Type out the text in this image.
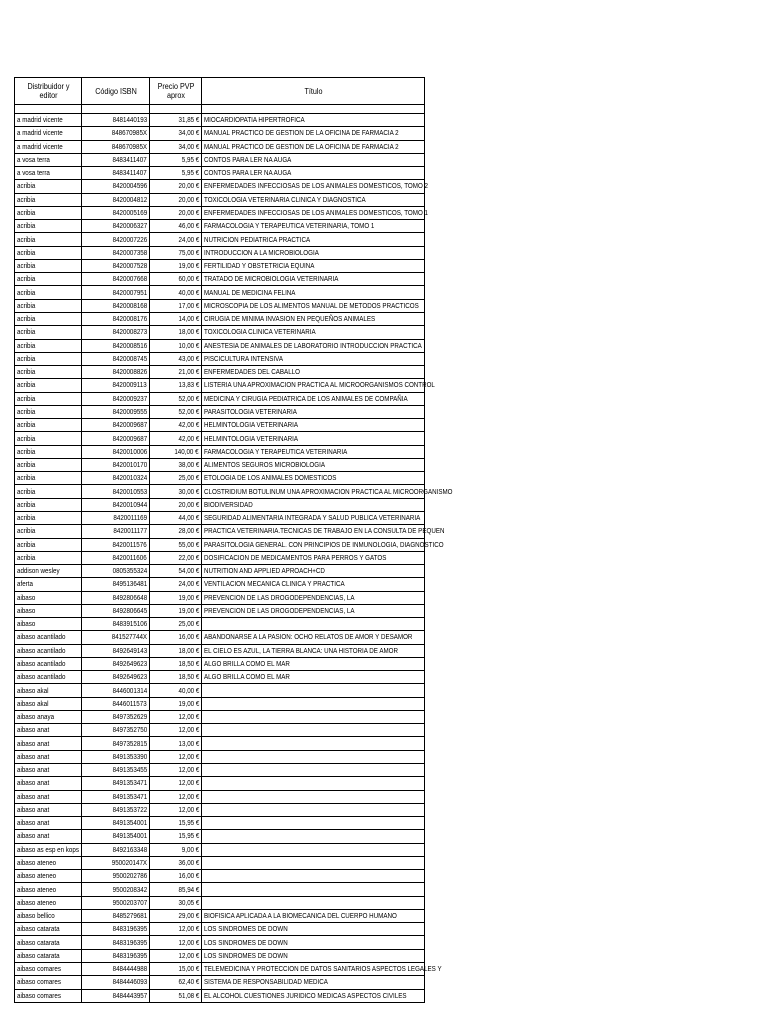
Distribuidor y editor	Código ISBN	Precio PVP aprox	Título

a madrid vicente	8481440193	31,85 €	MIOCARDIOPATIA HIPERTROFICA
a madrid vicente	848670985X	34,00 €	MANUAL PRACTICO DE GESTION DE LA OFICINA DE FARMACIA 2
a madrid vicente	848670985X	34,00 €	MANUAL PRACTICO DE GESTION DE LA OFICINA DE FARMACIA 2
a vosa terra	8483411407	5,95 €	CONTOS PARA LER NA AUGA
a vosa terra	8483411407	5,95 €	CONTOS PARA LER NA AUGA
acribia	8420004596	20,00 €	ENFERMEDADES INFECCIOSAS DE LOS ANIMALES DOMESTICOS, TOMO 2
acribia	8420004812	20,00 €	TOXICOLOGIA VETERINARIA CLINICA Y DIAGNOSTICA
acribia	8420005169	20,00 €	ENFERMEDADES INFECCIOSAS DE LOS ANIMALES DOMESTICOS, TOMO 1
acribia	8420006327	46,00 €	FARMACOLOGIA Y TERAPEUTICA VETERINARIA, TOMO 1
acribia	8420007226	24,00 €	NUTRICION PEDIATRICA PRACTICA
acribia	8420007358	75,00 €	INTRODUCCION A LA MICROBIOLOGIA
acribia	8420007528	19,00 €	FERTILIDAD Y OBSTETRICIA EQUINA
acribia	8420007668	60,00 €	TRATADO DE MICROBIOLOGIA VETERINARIA
acribia	8420007951	40,00 €	MANUAL DE MEDICINA FELINA
acribia	8420008168	17,00 €	MICROSCOPIA DE LOS ALIMENTOS MANUAL DE METODOS PRACTICOS
acribia	8420008176	14,00 €	CIRUGIA DE MINIMA INVASION EN PEQUEÑOS ANIMALES
acribia	8420008273	18,00 €	TOXICOLOGIA CLINICA VETERINARIA
acribia	8420008516	10,00 €	ANESTESIA DE ANIMALES DE LABORATORIO INTRODUCCION PRACTICA
acribia	8420008745	43,00 €	PISCICULTURA INTENSIVA
acribia	8420008826	21,00 €	ENFERMEDADES DEL CABALLO
acribia	8420009113	13,83 €	LISTERIA UNA APROXIMACION PRACTICA AL MICROORGANISMOS CONTROL
acribia	8420009237	52,00 €	MEDICINA Y CIRUGIA PEDIATRICA DE LOS ANIMALES DE COMPAÑIA
acribia	8420009555	52,00 €	PARASITOLOGIA VETERINARIA
acribia	8420009687	42,00 €	HELMINTOLOGIA VETERINARIA
acribia	8420009687	42,00 €	HELMINTOLOGIA VETERINARIA
acribia	8420010006	140,00 €	FARMACOLOGIA Y TERAPEUTICA VETERINARIA
acribia	8420010170	38,00 €	ALIMENTOS SEGUROS MICROBIOLOGIA
acribia	8420010324	25,00 €	ETOLOGIA DE LOS ANIMALES DOMESTICOS
acribia	8420010553	30,00 €	CLOSTRIDIUM BOTULINUM UNA APROXIMACION PRACTICA AL MICROORGANISMO
acribia	8420010944	20,00 €	BIODIVERSIDAD
acribia	8420011169	44,00 €	SEGURIDAD ALIMENTARIA INTEGRADA Y SALUD PUBLICA VETERINARIA
acribia	8420011177	28,00 €	PRACTICA VETERINARIA.TECNICAS DE TRABAJO EN LA CONSULTA DE PEQUEN
acribia	8420011576	55,00 €	PARASITOLOGIA GENERAL. CON PRINCIPIOS DE INMUNOLOGIA, DIAGNOSTICO
acribia	8420011606	22,00 €	DOSIFICACION DE MEDICAMENTOS PARA PERROS Y GATOS
addison wesley	0805355324	54,00 €	NUTRITION AND APPLIED APROACH+CD
aferta	8495136481	24,00 €	VENTILACION MECANICA CLINICA Y PRACTICA
aibaso	8492806648	19,00 €	PREVENCION DE LAS DROGODEPENDENCIAS, LA
aibaso	8492806645	19,00 €	PREVENCION DE LAS DROGODEPENDENCIAS, LA
aibaso	8483915106	25,00 €	
aibaso acantilado	841527744X	16,00 €	ABANDONARSE A LA PASION: OCHO RELATOS DE AMOR Y DESAMOR
aibaso acantilado	8492649143	18,00 €	EL CIELO ES AZUL, LA TIERRA BLANCA: UNA HISTORIA DE AMOR
aibaso acantilado	8492649623	18,50 €	ALGO BRILLA COMO EL MAR
aibaso acantilado	8492649623	18,50 €	ALGO BRILLA COMO EL MAR
aibaso akal	8446001314	40,00 €	
aibaso akal	8446011573	19,00 €	
aibaso anaya	8497352629	12,00 €	
aibaso anat	8497352750	12,00 €	
aibaso anat	8497352815	13,00 €	
aibaso anat	8491353390	12,00 €	
aibaso anat	8491353455	12,00 €	
aibaso anat	8491353471	12,00 €	
aibaso anat	8491353471	12,00 €	
aibaso anat	8491353722	12,00 €	
aibaso anat	8491354001	15,95 €	
aibaso anat	8491354001	15,95 €	
aibaso as esp en kops	8492163348	9,00 €	
aibaso ateneo	950020147X	36,00 €	
aibaso ateneo	9500202786	16,00 €	
aibaso ateneo	9500208342	85,94 €	
aibaso ateneo	9500203707	30,05 €	
aibaso bellico	8485279681	29,00 €	BIOFISICA APLICADA A LA BIOMECANICA DEL CUERPO HUMANO
aibaso catarata	8483196395	12,00 €	LOS SINDROMES DE DOWN
aibaso catarata	8483196395	12,00 €	LOS SINDROMES DE DOWN
aibaso catarata	8483196395	12,00 €	LOS SINDROMES DE DOWN
aibaso comares	8484444988	15,00 €	TELEMEDICINA Y PROTECCION DE DATOS SANITARIOS ASPECTOS LEGALES Y
aibaso comares	8484446093	62,40 €	SISTEMA DE RESPONSABILIDAD MEDICA
aibaso comares	8484443957	51,08 €	EL ALCOHOL CUESTIONES JURIDICO MEDICAS ASPECTOS CIVILES
